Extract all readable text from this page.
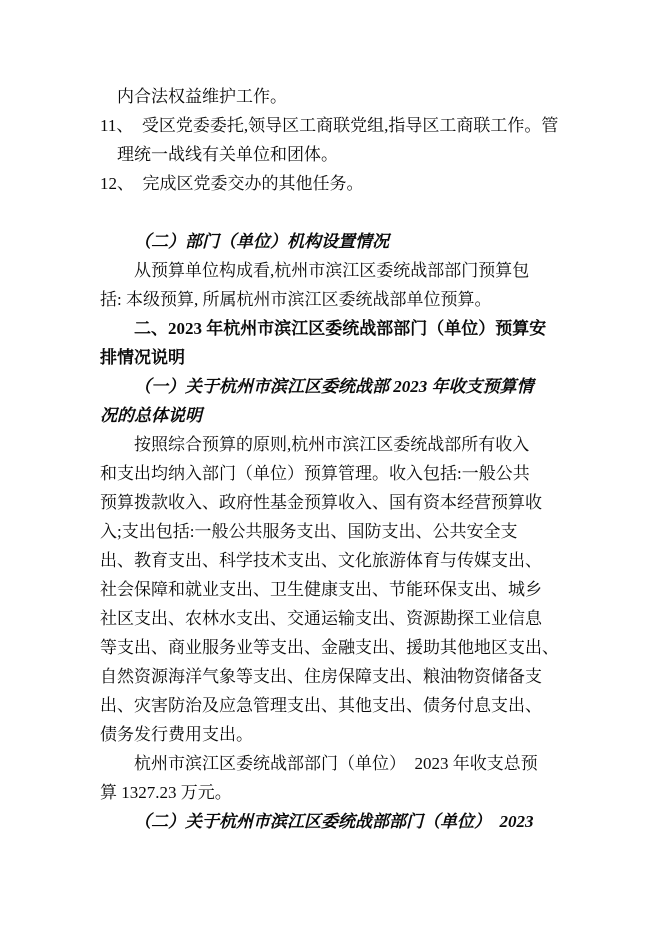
内合法权益维护工作。
11、  受区党委委托,领导区工商联党组,指导区工商联工作。管
理统一战线有关单位和团体。
12、  完成区党委交办的其他任务。
（二）部门（单位）机构设置情况
从预算单位构成看,杭州市滨江区委统战部部门预算包
括: 本级预算, 所属杭州市滨江区委统战部单位预算。
二、2023 年杭州市滨江区委统战部部门（单位）预算安
排情况说明
（一）关于杭州市滨江区委统战部 2023 年收支预算情
况的总体说明
按照综合预算的原则,杭州市滨江区委统战部所有收入
和支出均纳入部门（单位）预算管理。收入包括:一般公共
预算拨款收入、政府性基金预算收入、国有资本经营预算收
入;支出包括:一般公共服务支出、国防支出、公共安全支
出、教育支出、科学技术支出、文化旅游体育与传媒支出、
社会保障和就业支出、卫生健康支出、节能环保支出、城乡
社区支出、农林水支出、交通运输支出、资源勘探工业信息
等支出、商业服务业等支出、金融支出、援助其他地区支出、
自然资源海洋气象等支出、住房保障支出、粮油物资储备支
出、灾害防治及应急管理支出、其他支出、债务付息支出、
债务发行费用支出。
杭州市滨江区委统战部部门（单位）  2023 年收支总预
算 1327.23 万元。
（二）关于杭州市滨江区委统战部部门（单位）  2023
